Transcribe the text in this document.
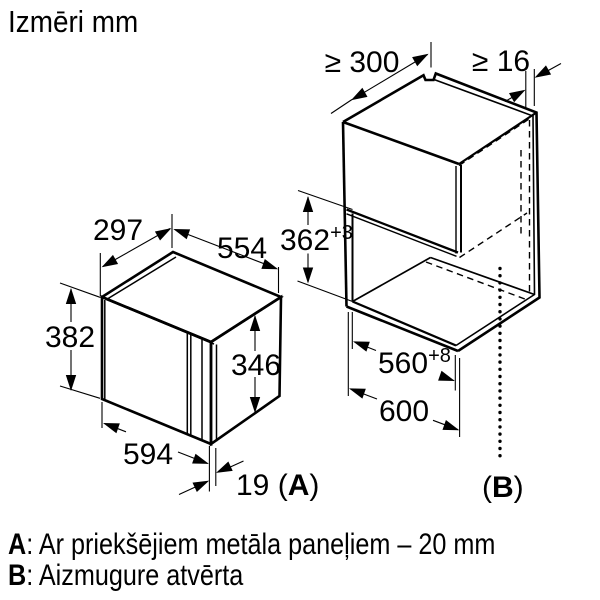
Izmēri mm
297
554
382
346
594
19 (A)
≥ 300 ≥ 16
$362^{+3}$
$560^{+8}$
600
(B)
A: Ar priekšējiem metāla paneļiem – 20 mm
B: Aizmugure atvērta
